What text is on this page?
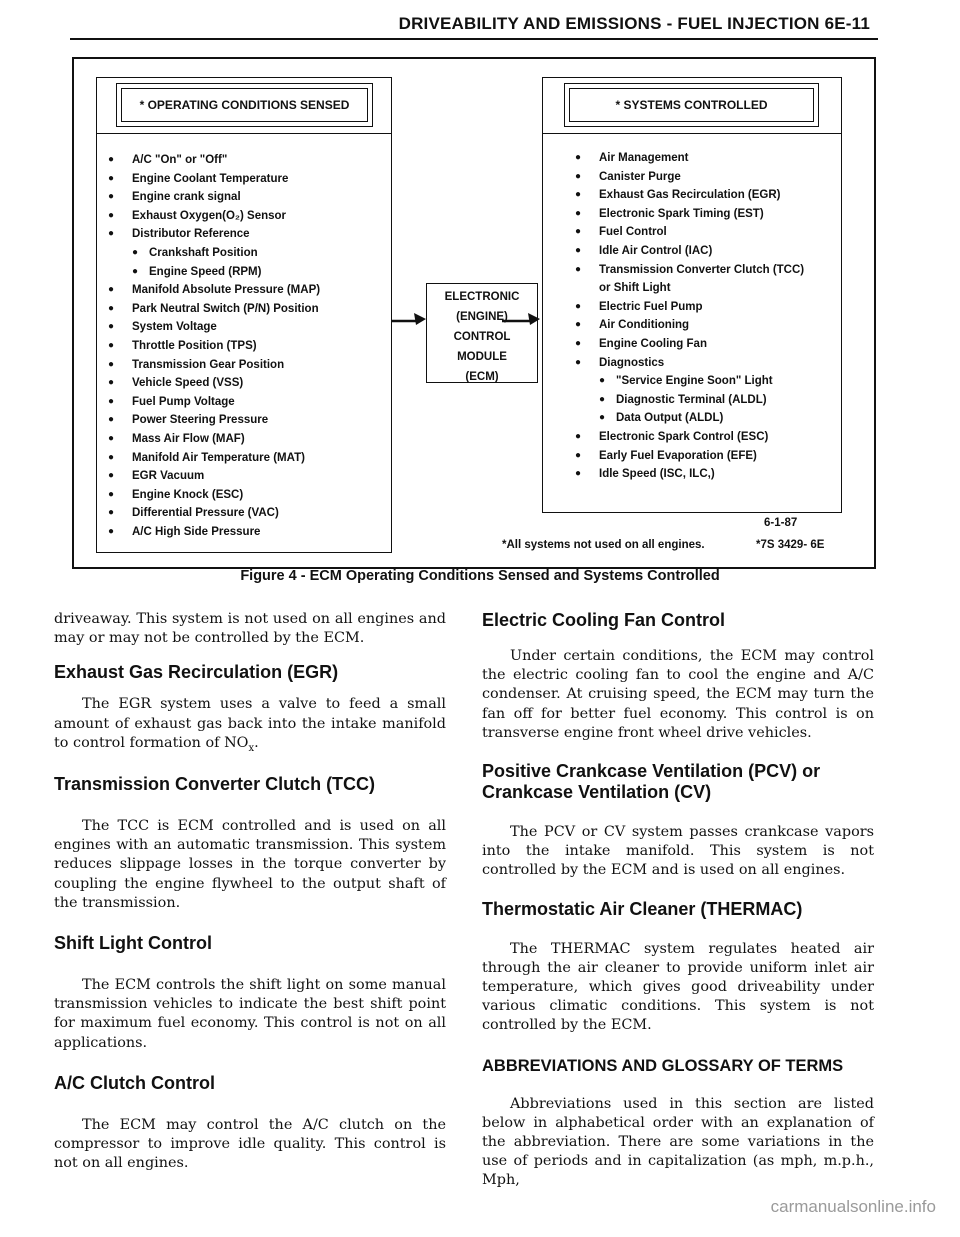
DRIVEABILITY AND EMISSIONS - FUEL INJECTION 6E-11
* OPERATING CONDITIONS SENSED	* SYSTEMS CONTROLLED
● A/C "On" or "Off"
● Engine Coolant Temperature
● Engine crank signal
● Exhaust Oxygen(O₂) Sensor
● Distributor Reference
● Crankshaft Position
● Engine Speed (RPM)
● Manifold Absolute Pressure (MAP)
● Park Neutral Switch (P/N) Position
● System Voltage
● Throttle Position (TPS)
● Transmission Gear Position
● Vehicle Speed (VSS)
● Fuel Pump Voltage
● Power Steering Pressure
● Mass Air Flow (MAF)
● Manifold Air Temperature (MAT)
● EGR Vacuum
● Engine Knock (ESC)
● Differential Pressure (VAC)
● A/C High Side Pressure
● Air Management
● Canister Purge
● Exhaust Gas Recirculation (EGR)
● Electronic Spark Timing (EST)
● Fuel Control
● Idle Air Control (IAC)
● Transmission Converter Clutch (TCC)
or Shift Light
● Electric Fuel Pump
● Air Conditioning
● Engine Cooling Fan
● Diagnostics
● "Service Engine Soon" Light
● Diagnostic Terminal (ALDL)
● Data Output (ALDL)
● Electronic Spark Control (ESC)
● Early Fuel Evaporation (EFE)
● Idle Speed (ISC, ILC,)
*All systems not used on all engines.
6-1-87
*7S 3429- 6E
ELECTRONIC
(ENGINE)
CONTROL
MODULE
(ECM)
Figure 4 - ECM Operating Conditions Sensed and Systems Controlled

driveaway. This system is not used on all engines and may or may not be controlled by the ECM.

Exhaust Gas Recirculation (EGR)

The EGR system uses a valve to feed a small amount of exhaust gas back into the intake manifold to control formation of $NO_x$.

Transmission Converter Clutch (TCC)

The TCC is ECM controlled and is used on all engines with an automatic transmission. This system reduces slippage losses in the torque converter by coupling the engine flywheel to the output shaft of the transmission.

Shift Light Control

The ECM controls the shift light on some manual transmission vehicles to indicate the best shift point for maximum fuel economy. This control is not on all applications.

A/C Clutch Control

The ECM may control the A/C clutch on the compressor to improve idle quality. This control is not on all engines.

Electric Cooling Fan Control

Under certain conditions, the ECM may control the electric cooling fan to cool the engine and A/C condenser. At cruising speed, the ECM may turn the fan off for better fuel economy. This control is on transverse engine front wheel drive vehicles.

Positive Crankcase Ventilation (PCV) or Crankcase Ventilation (CV)

The PCV or CV system passes crankcase vapors into the intake manifold. This system is not controlled by the ECM and is used on all engines.

Thermostatic Air Cleaner (THERMAC)

The THERMAC system regulates heated air through the air cleaner to provide uniform inlet air temperature, which gives good driveability under various climatic conditions. This system is not controlled by the ECM.

ABBREVIATIONS AND GLOSSARY OF TERMS

Abbreviations used in this section are listed below in alphabetical order with an explanation of the abbreviation. There are some variations in the use of periods and in capitalization (as mph, m.p.h., Mph,

carmanualsonline.info
